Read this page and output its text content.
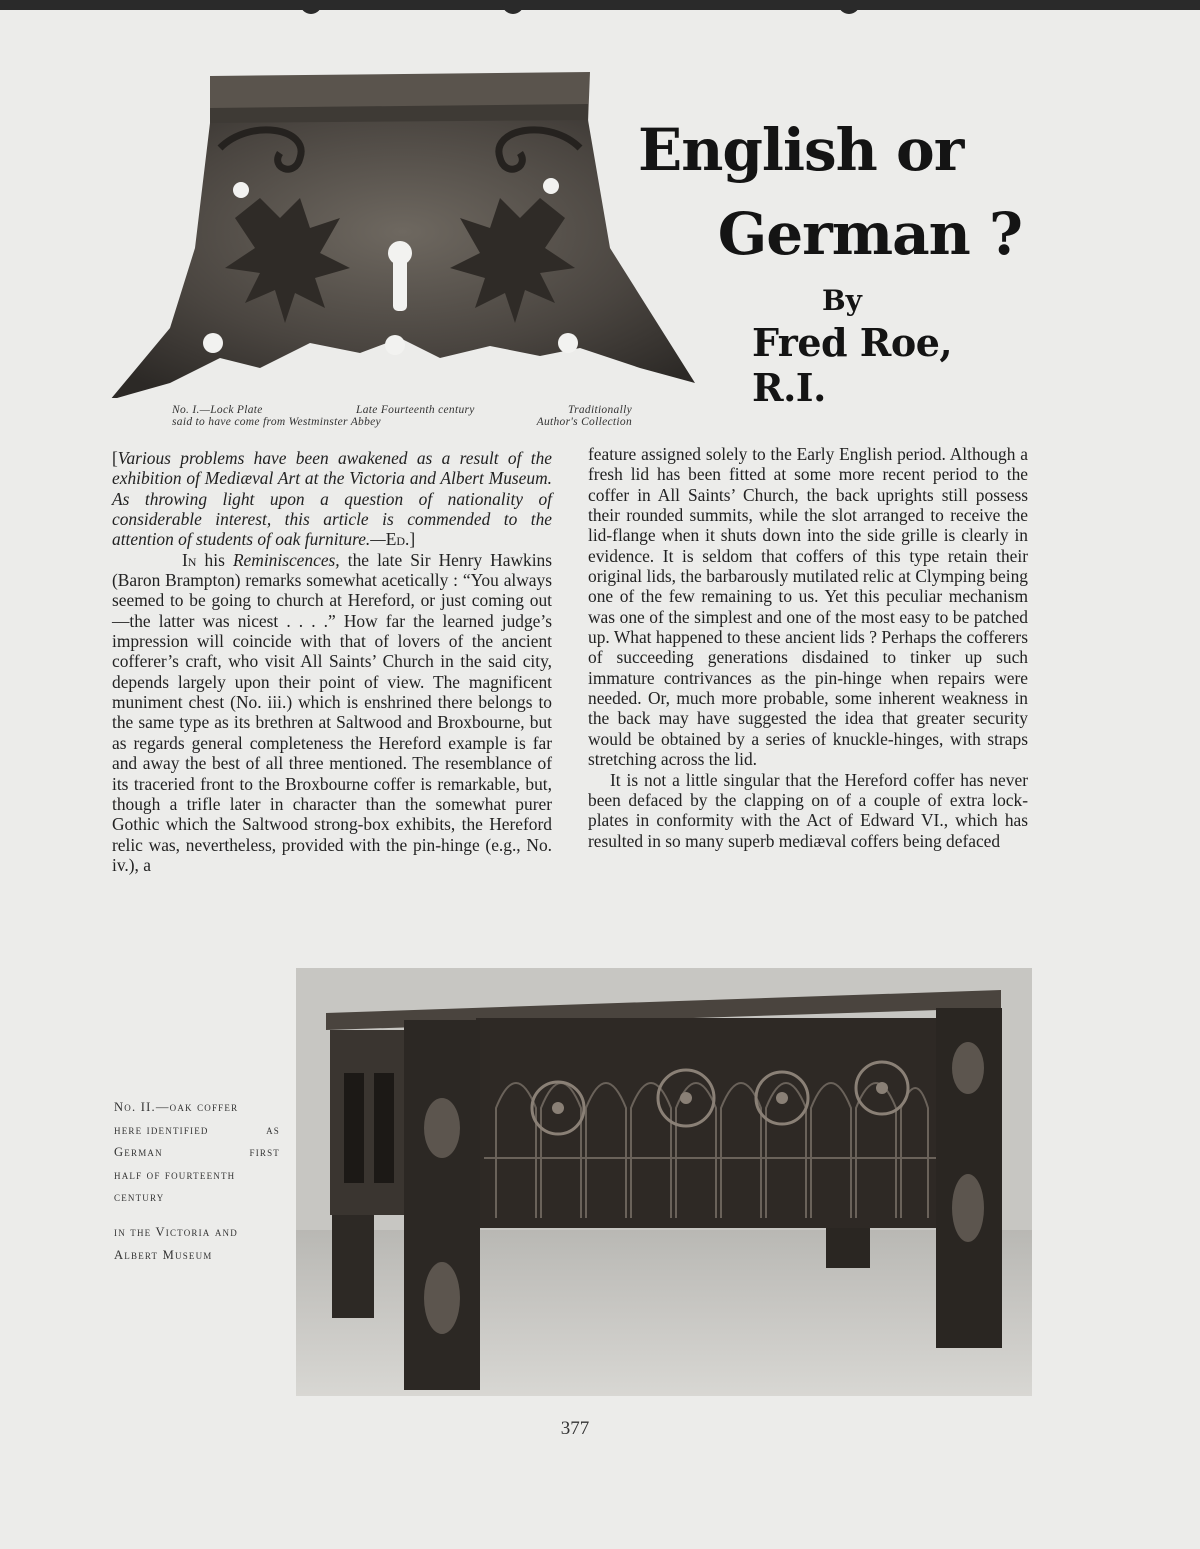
No. I.—Lock Plate	Late Fourteenth century	Traditionally
said to have come from Westminster Abbey	Author's Collection
English or
German ?
By
Fred Roe, R.I.

[Various problems have been awakened as a result of the exhibition of Mediæval Art at the Victoria and Albert Museum. As throwing light upon a question of nationality of considerable interest, this article is commended to the attention of students of oak furniture.—Ed.]

In his Reminiscences, the late Sir Henry Hawkins (Baron Brampton) remarks somewhat acetically : “You always seemed to be going to church at Hereford, or just coming out—the latter was nicest . . . .” How far the learned judge’s impression will coincide with that of lovers of the ancient cofferer’s craft, who visit All Saints’ Church in the said city, depends largely upon their point of view. The magnificent muniment chest (No. iii.) which is enshrined there belongs to the same type as its brethren at Saltwood and Broxbourne, but as regards general completeness the Hereford example is far and away the best of all three mentioned. The resemblance of its traceried front to the Broxbourne coffer is remarkable, but, though a trifle later in character than the somewhat purer Gothic which the Saltwood strong-box exhibits, the Hereford relic was, nevertheless, provided with the pin-hinge (e.g., No. iv.), a

feature assigned solely to the Early English period. Although a fresh lid has been fitted at some more recent period to the coffer in All Saints’ Church, the back uprights still possess their rounded summits, while the slot arranged to receive the lid-flange when it shuts down into the side grille is clearly in evidence. It is seldom that coffers of this type retain their original lids, the barbarously mutilated relic at Clymping being one of the few remaining to us. Yet this peculiar mechanism was one of the simplest and one of the most easy to be patched up. What happened to these ancient lids ? Perhaps the cofferers of succeeding generations disdained to tinker up such immature contrivances as the pin-hinge when repairs were needed. Or, much more probable, some inherent weakness in the back may have suggested the idea that greater security would be obtained by a series of knuckle-hinges, with straps stretching across the lid.

It is not a little singular that the Hereford coffer has never been defaced by the clapping on of a couple of extra lock-plates in conformity with the Act of Edward VI., which has resulted in so many superb mediæval coffers being defaced

No. II.—oak coffer
here identified	as
German	first
half of fourteenth
century
in the Victoria and
Albert Museum
377
